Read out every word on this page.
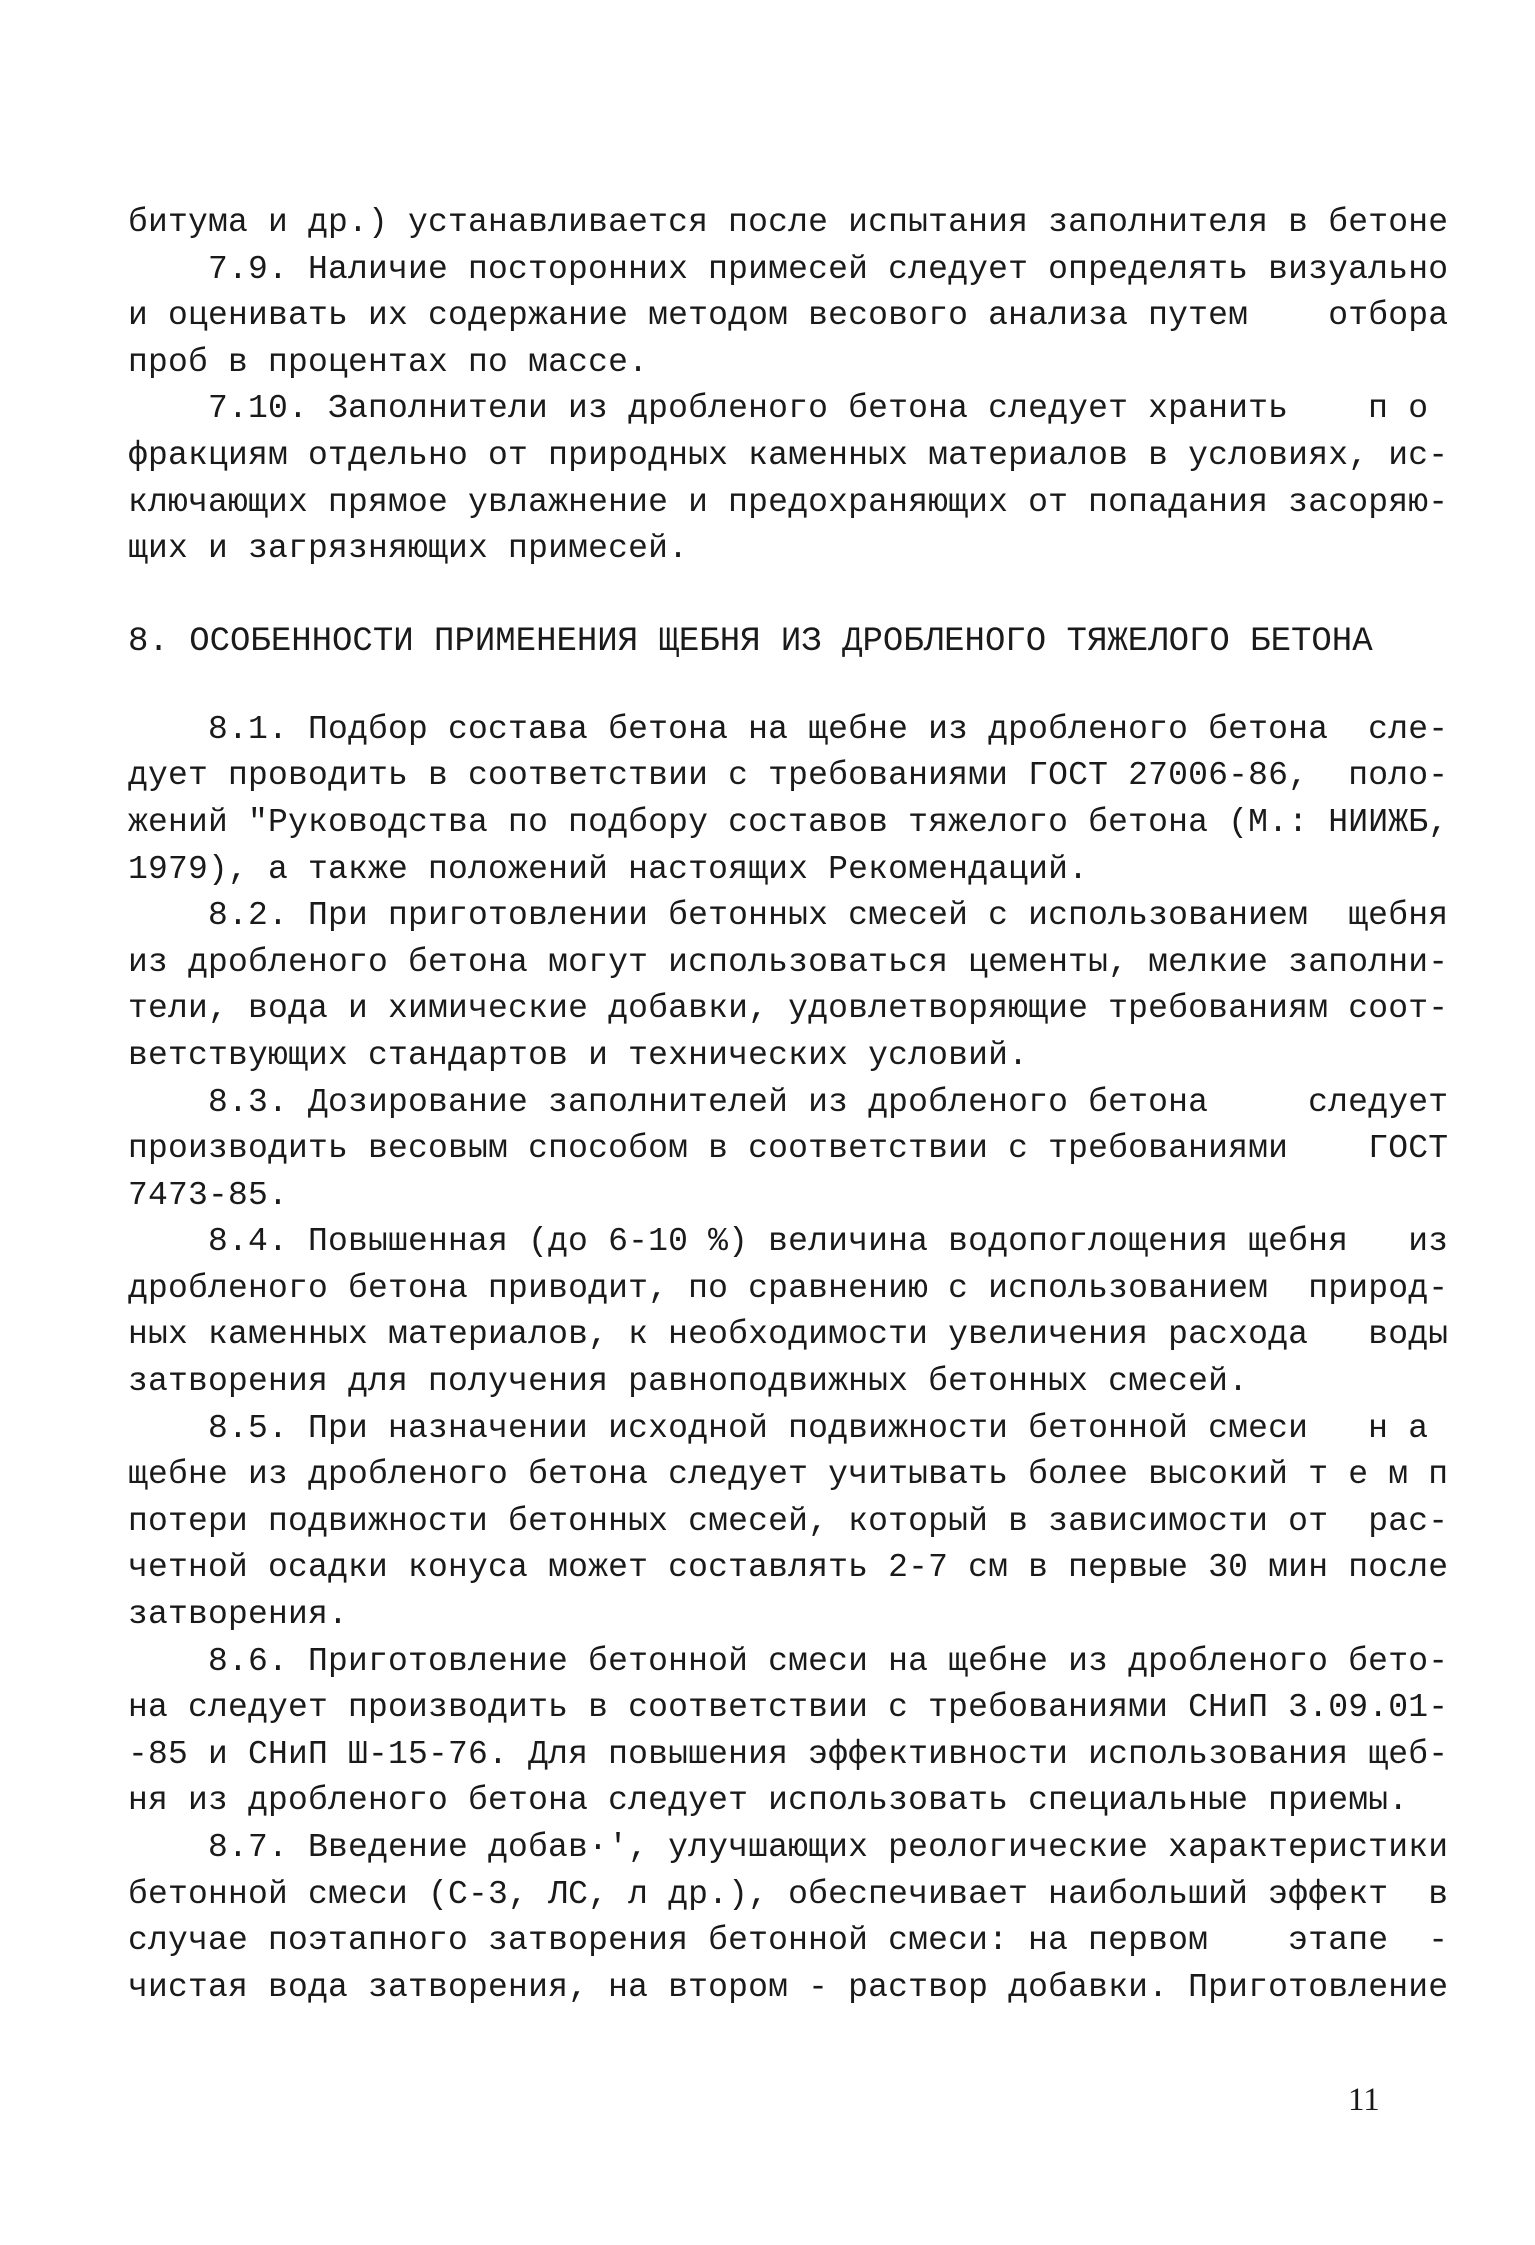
битума и др.) устанавливается после испытания заполнителя в бетоне
7.9. Наличие посторонних примесей следует определять визуально
и оценивать их содержание методом весового анализа путем    отбора
проб в процентах по массе.
7.10. Заполнители из дробленого бетона следует хранить    п о
фракциям отдельно от природных каменных материалов в условиях, ис-
ключающих прямое увлажнение и предохраняющих от попадания засоряю-
щих и загрязняющих примесей.
8. ОСОБЕННОСТИ ПРИМЕНЕНИЯ ЩЕБНЯ ИЗ ДРОБЛЕНОГО ТЯЖЕЛОГО БЕТОНА
8.1. Подбор состава бетона на щебне из дробленого бетона  сле-
дует проводить в соответствии с требованиями ГОСТ 27006-86,  поло-
жений "Руководства по подбору составов тяжелого бетона (М.: НИИЖБ,
1979), а также положений настоящих Рекомендаций.
8.2. При приготовлении бетонных смесей с использованием  щебня
из дробленого бетона могут использоваться цементы, мелкие заполни-
тели, вода и химические добавки, удовлетворяющие требованиям соот-
ветствующих стандартов и технических условий.
8.3. Дозирование заполнителей из дробленого бетона     следует
производить весовым способом в соответствии с требованиями    ГОСТ
7473-85.
8.4. Повышенная (до 6-10 %) величина водопоглощения щебня   из
дробленого бетона приводит, по сравнению с использованием  природ-
ных каменных материалов, к необходимости увеличения расхода   воды
затворения для получения равноподвижных бетонных смесей.
8.5. При назначении исходной подвижности бетонной смеси   н а
щебне из дробленого бетона следует учитывать более высокий т е м п
потери подвижности бетонных смесей, который в зависимости от  рас-
четной осадки конуса может составлять 2-7 см в первые 30 мин после
затворения.
8.6. Приготовление бетонной смеси на щебне из дробленого бето-
на следует производить в соответствии с требованиями СНиП 3.09.01-
-85 и СНиП Ш-15-76. Для повышения эффективности использования щеб-
ня из дробленого бетона следует использовать специальные приемы.
8.7. Введение добав·', улучшающих реологические характеристики
бетонной смеси (С-3, ЛС, л др.), обеспечивает наибольший эффект  в
случае поэтапного затворения бетонной смеси: на первом    этапе  -
чистая вода затворения, на втором - раствор добавки. Приготовление
11
